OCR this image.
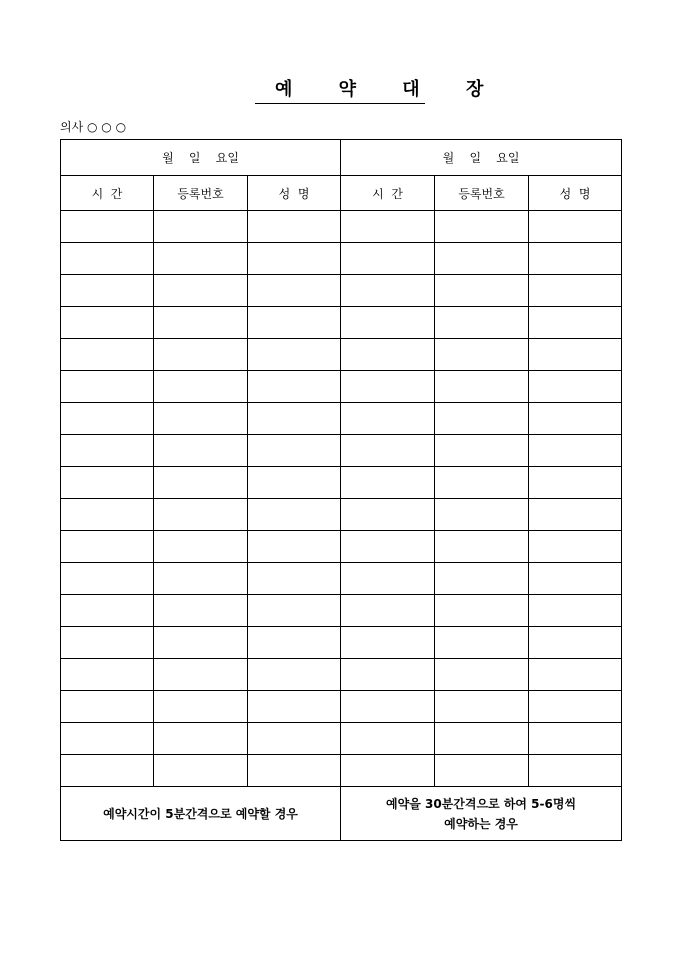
예 약 대 장
의사 ○ ○ ○
월    일    요일			월    일    요일		
시  간	등록번호	성  명	시  간	등록번호	성  명

예약시간이 5분간격으로 예약할 경우			예약을 30분간격으로 하여 5-6명씩
예약하는 경우		
